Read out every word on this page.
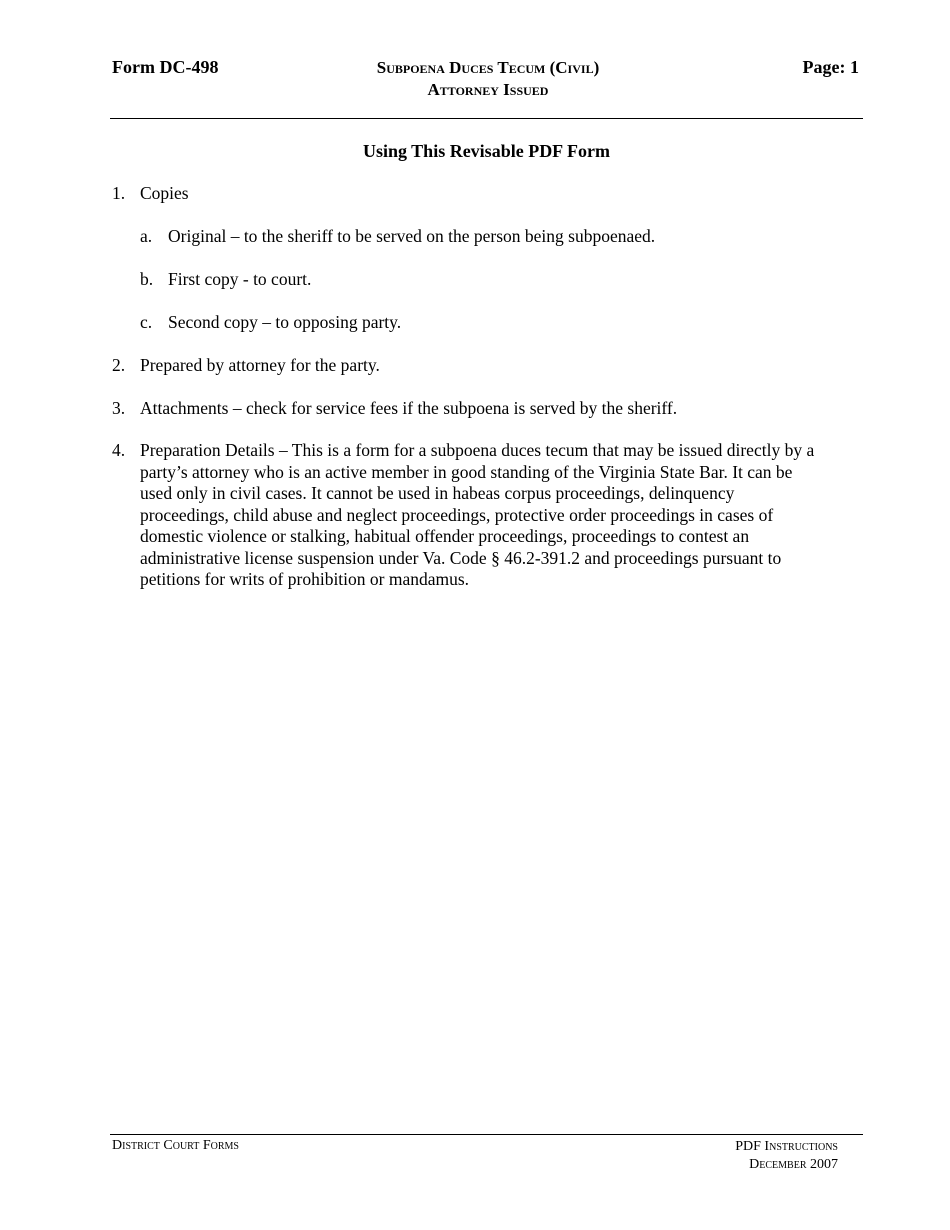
Form DC-498	Subpoena Duces Tecum (Civil)
Attorney Issued
Page: 1
Using This Revisable PDF Form
1. Copies
a. Original – to the sheriff to be served on the person being subpoenaed.
b. First copy - to court.
c. Second copy – to opposing party.
2. Prepared by attorney for the party.
3. Attachments – check for service fees if the subpoena is served by the sheriff.
4. Preparation Details – This is a form for a subpoena duces tecum that may be issued directly by a
party’s attorney who is an active member in good standing of the Virginia State Bar. It can be
used only in civil cases. It cannot be used in habeas corpus proceedings, delinquency
proceedings, child abuse and neglect proceedings, protective order proceedings in cases of
domestic violence or stalking, habitual offender proceedings, proceedings to contest an
administrative license suspension under Va. Code § 46.2-391.2 and proceedings pursuant to
petitions for writs of prohibition or mandamus.
District Court Forms	PDF Instructions
December 2007
